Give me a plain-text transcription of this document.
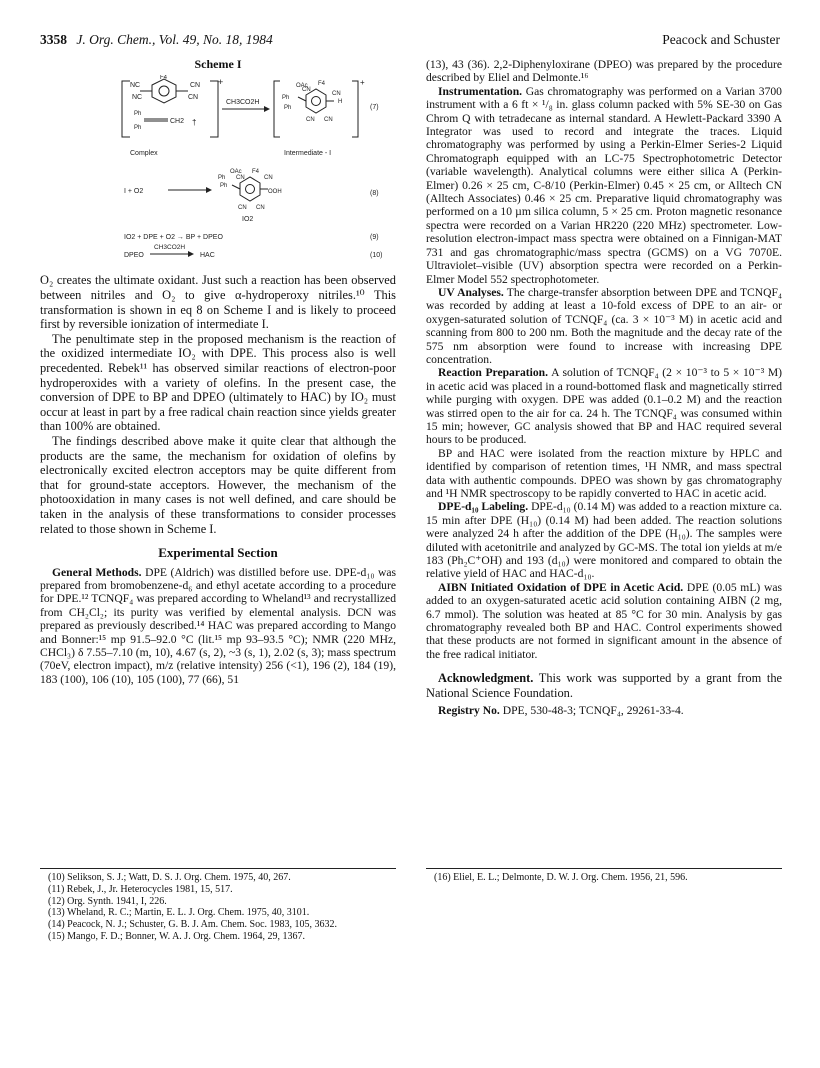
3358 J. Org. Chem., Vol. 49, No. 18, 1984	Peacock and Schuster
Scheme I
NC
NC
CN
CN
F4	+
Ph
Ph
CH2 †
Complex
CH3CO2H
OAc
Ph
Ph
CN
F4
CN
H
CN CN
+
(7)
Intermediate - I
I + O2
OAc
Ph
Ph
CN
F4
CN
OOH
CN CN
IO2
(8)
IO2 + DPE + O2 → BP + DPEO	(9)
DPEO
CH3CO2H
HAC	(10)

O₂ creates the ultimate oxidant. Just such a reaction has been observed between nitriles and O₂ to give α-hydroperoxy nitriles.¹⁰ This transformation is shown in eq 8 on Scheme I and is likely to proceed first by reversible ionization of intermediate I.

The penultimate step in the proposed mechanism is the reaction of the oxidized intermediate IO₂ with DPE. This process also is well precedented. Rebek¹¹ has observed similar reactions of electron-poor hydroperoxides with a variety of olefins. In the present case, the conversion of DPE to BP and DPEO (ultimately to HAC) by IO₂ must occur at least in part by a free radical chain reaction since yields greater than 100% are obtained.

The findings described above make it quite clear that although the products are the same, the mechanism for oxidation of olefins by electronically excited electron acceptors may be quite different from that for ground-state acceptors. However, the mechanism of the photooxidation in many cases is not well defined, and care should be taken in the analysis of these transformations to consider processes related to those shown in Scheme I.

Experimental Section

General Methods. DPE (Aldrich) was distilled before use. DPE-d₁₀ was prepared from bromobenzene-d₆ and ethyl acetate according to a procedure for DPE.¹² TCNQF₄ was prepared according to Wheland¹³ and recrystallized from CH₂Cl₂; its purity was verified by elemental analysis. DCN was prepared as previously described.¹⁴ HAC was prepared according to Mango and Bonner:¹⁵ mp 91.5–92.0 °C (lit.¹⁵ mp 93–93.5 °C); NMR (220 MHz, CHCl₃) δ 7.55–7.10 (m, 10), 4.67 (s, 2), ~3 (s, 1), 2.02 (s, 3); mass spectrum (70eV, electron impact), m/z (relative intensity) 256 (<1), 196 (2), 184 (19), 183 (100), 106 (10), 105 (100), 77 (66), 51

(13), 43 (36). 2,2-Diphenyloxirane (DPEO) was prepared by the procedure described by Eliel and Delmonte.¹⁶

Instrumentation. Gas chromatography was performed on a Varian 3700 instrument with a 6 ft × ¹/₈ in. glass column packed with 5% SE-30 on Gas Chrom Q with tetradecane as internal standard. A Hewlett-Packard 3390 A Integrator was used to record and integrate the traces. Liquid chromatography was performed by using a Perkin-Elmer Series-2 Liquid Chromatograph equipped with an LC-75 Spectrophotometric Detector (variable wavelength). Analytical columns were either silica A (Perkin-Elmer) 0.26 × 25 cm, C-8/10 (Perkin-Elmer) 0.45 × 25 cm, or Alltech CN (Alltech Associates) 0.46 × 25 cm. Preparative liquid chromatography was performed on a 10 µm silica column, 5 × 25 cm. Proton magnetic resonance spectra were recorded on a Varian HR220 (220 MHz) spectrometer. Low-resolution electron-impact mass spectra were obtained on a Finnigan-MAT 731 and gas chromatographic/mass spectra (GCMS) on a VG 7070E. Ultraviolet–visible (UV) absorption spectra were recorded on a Perkin-Elmer Model 552 spectrophotometer.

UV Analyses. The charge-transfer absorption between DPE and TCNQF₄ was recorded by adding at least a 10-fold excess of DPE to an air- or oxygen-saturated solution of TCNQF₄ (ca. 3 × 10⁻³ M) in acetic acid and scanning from 800 to 200 nm. Both the magnitude and the decay rate of the 575 nm absorption were found to increase with increasing DPE concentration.

Reaction Preparation. A solution of TCNQF₄ (2 × 10⁻³ to 5 × 10⁻³ M) in acetic acid was placed in a round-bottomed flask and magnetically stirred while purging with oxygen. DPE was added (0.1–0.2 M) and the reaction was stirred open to the air for ca. 24 h. The TCNQF₄ was consumed within 15 min; however, GC analysis showed that BP and HAC required several hours to be produced.

BP and HAC were isolated from the reaction mixture by HPLC and identified by comparison of retention times, ¹H NMR, and mass spectral data with authentic compounds. DPEO was shown by gas chromatography and ¹H NMR spectroscopy to be rapidly converted to HAC in acetic acid.

DPE-d₁₀ Labeling. DPE-d₁₀ (0.14 M) was added to a reaction mixture ca. 15 min after DPE (H₁₀) (0.14 M) had been added. The reaction solutions were analyzed 24 h after the addition of the DPE (H₁₀). The samples were diluted with acetonitrile and analyzed by GC-MS. The total ion yields at m/e 183 (Ph₂C⁺OH) and 193 (d₁₀) were monitored and compared to obtain the relative yield of HAC and HAC-d₁₀.

AIBN Initiated Oxidation of DPE in Acetic Acid. DPE (0.05 mL) was added to an oxygen-saturated acetic acid solution containing AIBN (2 mg, 6.7 mmol). The solution was heated at 85 °C for 30 min. Analysis by gas chromatography revealed both BP and HAC. Control experiments showed that these products are not formed in significant amount in the absence of the free radical initiator.

Acknowledgment. This work was supported by a grant from the National Science Foundation.

Registry No. DPE, 530-48-3; TCNQF₄, 29261-33-4.

(10) Selikson, S. J.; Watt, D. S. J. Org. Chem. 1975, 40, 267.
(11) Rebek, J., Jr. Heterocycles 1981, 15, 517.
(12) Org. Synth. 1941, I, 226.
(13) Wheland, R. C.; Martin, E. L. J. Org. Chem. 1975, 40, 3101.
(14) Peacock, N. J.; Schuster, G. B. J. Am. Chem. Soc. 1983, 105, 3632.
(15) Mango, F. D.; Bonner, W. A. J. Org. Chem. 1964, 29, 1367.
(16) Eliel, E. L.; Delmonte, D. W. J. Org. Chem. 1956, 21, 596.
